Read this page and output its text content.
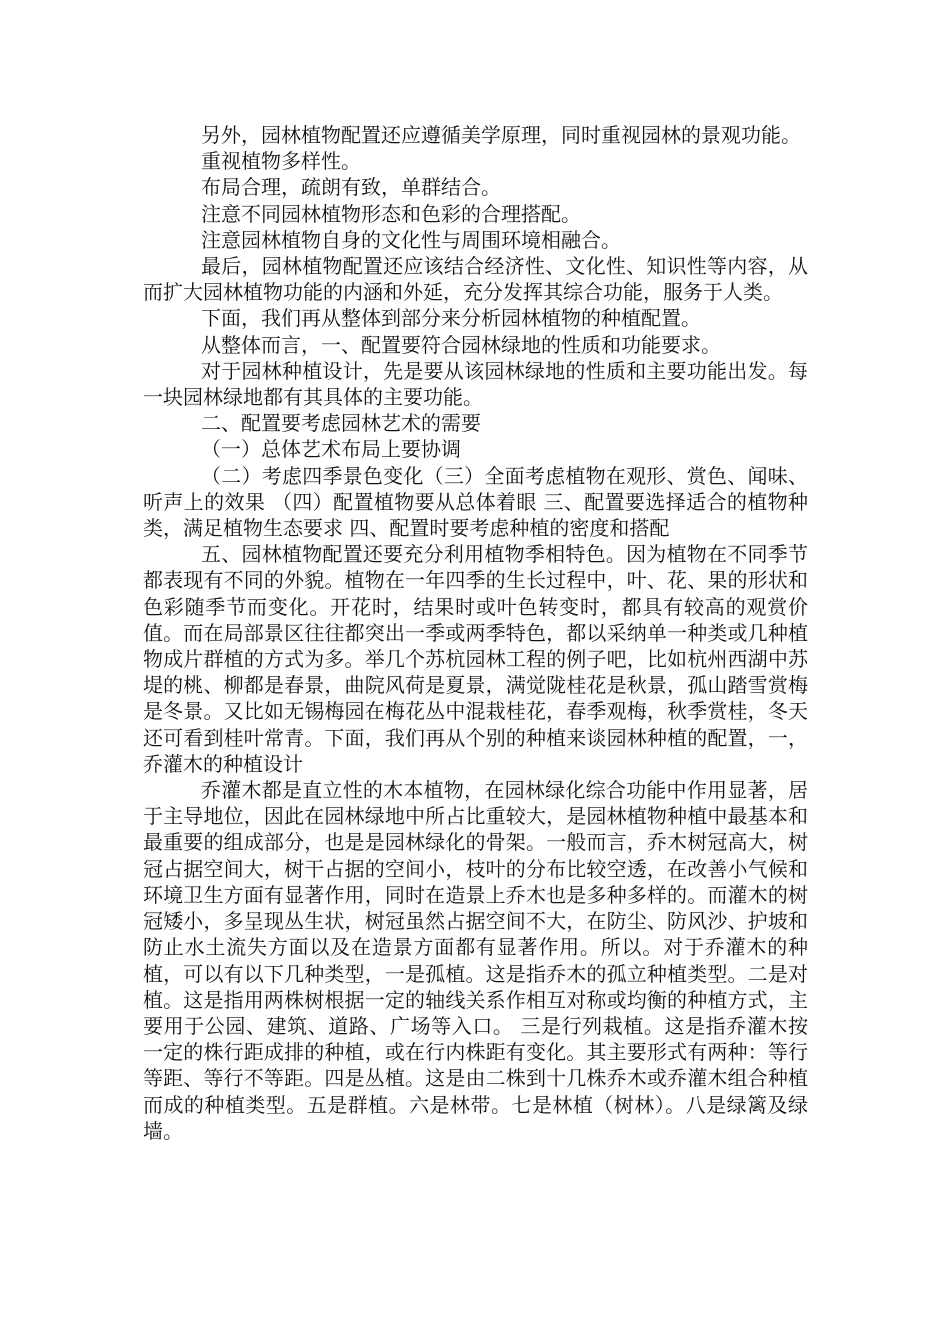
另外，园林植物配置还应遵循美学原理，同时重视园林的景观功能。

重视植物多样性。

布局合理，疏朗有致，单群结合。

注意不同园林植物形态和色彩的合理搭配。

注意园林植物自身的文化性与周围环境相融合。

最后，园林植物配置还应该结合经济性、文化性、知识性等内容，从而扩大园林植物功能的内涵和外延，充分发挥其综合功能，服务于人类。

下面，我们再从整体到部分来分析园林植物的种植配置。

从整体而言，一、配置要符合园林绿地的性质和功能要求。

对于园林种植设计，先是要从该园林绿地的性质和主要功能出发。每一块园林绿地都有其具体的主要功能。

二、配置要考虑园林艺术的需要

（一）总体艺术布局上要协调

（二）考虑四季景色变化（三）全面考虑植物在观形、赏色、闻味、听声上的效果 （四）配置植物要从总体着眼 三、配置要选择适合的植物种类，满足植物生态要求 四、配置时要考虑种植的密度和搭配

五、园林植物配置还要充分利用植物季相特色。因为植物在不同季节都表现有不同的外貌。植物在一年四季的生长过程中，叶、花、果的形状和色彩随季节而变化。开花时，结果时或叶色转变时，都具有较高的观赏价值。而在局部景区往往都突出一季或两季特色，都以采纳单一种类或几种植物成片群植的方式为多。举几个苏杭园林工程的例子吧，比如杭州西湖中苏堤的桃、柳都是春景，曲院风荷是夏景，满觉陇桂花是秋景，孤山踏雪赏梅是冬景。又比如无锡梅园在梅花丛中混栽桂花，春季观梅，秋季赏桂，冬天还可看到桂叶常青。下面，我们再从个别的种植来谈园林种植的配置，一，乔灌木的种植设计

乔灌木都是直立性的木本植物，在园林绿化综合功能中作用显著，居于主导地位，因此在园林绿地中所占比重较大，是园林植物种植中最基本和最重要的组成部分，也是是园林绿化的骨架。一般而言，乔木树冠高大，树冠占据空间大，树干占据的空间小，枝叶的分布比较空透，在改善小气候和环境卫生方面有显著作用，同时在造景上乔木也是多种多样的。而灌木的树冠矮小，多呈现丛生状，树冠虽然占据空间不大，在防尘、防风沙、护坡和防止水土流失方面以及在造景方面都有显著作用。所以。对于乔灌木的种植，可以有以下几种类型，一是孤植。这是指乔木的孤立种植类型。二是对植。这是指用两株树根据一定的轴线关系作相互对称或均衡的种植方式，主要用于公园、建筑、道路、广场等入口。 三是行列栽植。这是指乔灌木按一定的株行距成排的种植，或在行内株距有变化。其主要形式有两种：等行等距、等行不等距。四是丛植。这是由二株到十几株乔木或乔灌木组合种植而成的种植类型。五是群植。六是林带。七是林植（树林）。八是绿篱及绿墙。
